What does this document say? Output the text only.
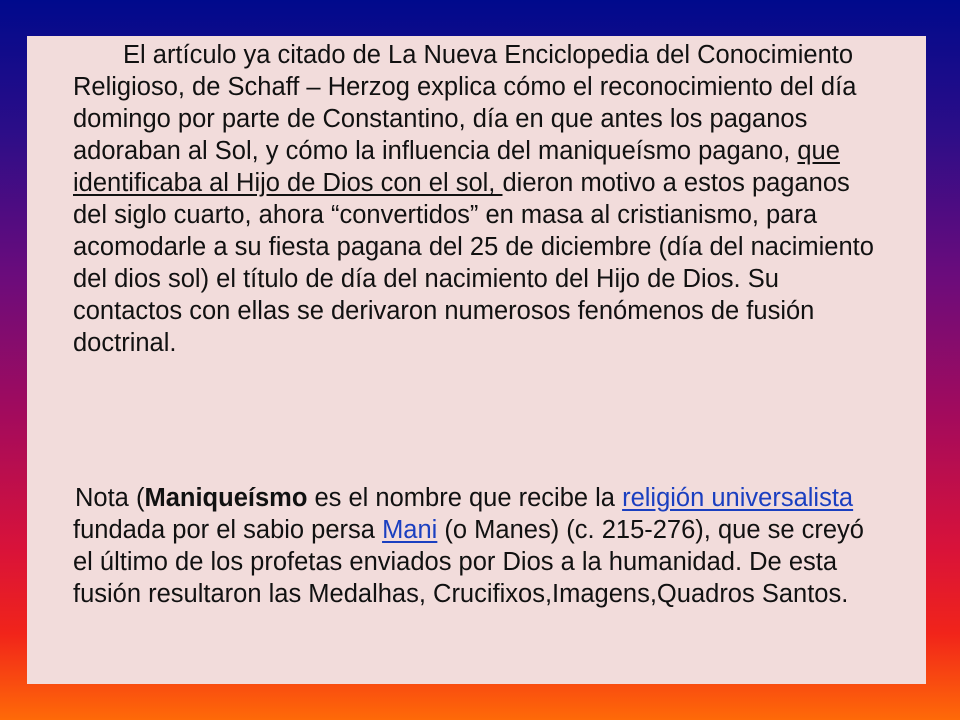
El artículo ya citado de La Nueva Enciclopedia del Conocimiento Religioso, de Schaff – Herzog explica cómo el reconocimiento del día domingo por parte de Constantino, día en que antes los paganos adoraban al Sol, y cómo la influencia del maniqueísmo pagano, que identificaba al Hijo de Dios con el sol, dieron motivo a estos paganos del siglo cuarto, ahora “convertidos” en masa al cristianismo, para acomodarle a su fiesta pagana del 25 de diciembre (día del nacimiento del dios sol) el título de día del nacimiento del Hijo de Dios. Su contactos con ellas se derivaron numerosos fenómenos de fusión doctrinal.

Nota (Maniqueísmo es el nombre que recibe la religión universalista fundada por el sabio persa Mani (o Manes) (c. 215-276), que se creyó el último de los profetas enviados por Dios a la humanidad. De esta fusión resultaron las Medalhas, Crucifixos,Imagens,Quadros Santos.
